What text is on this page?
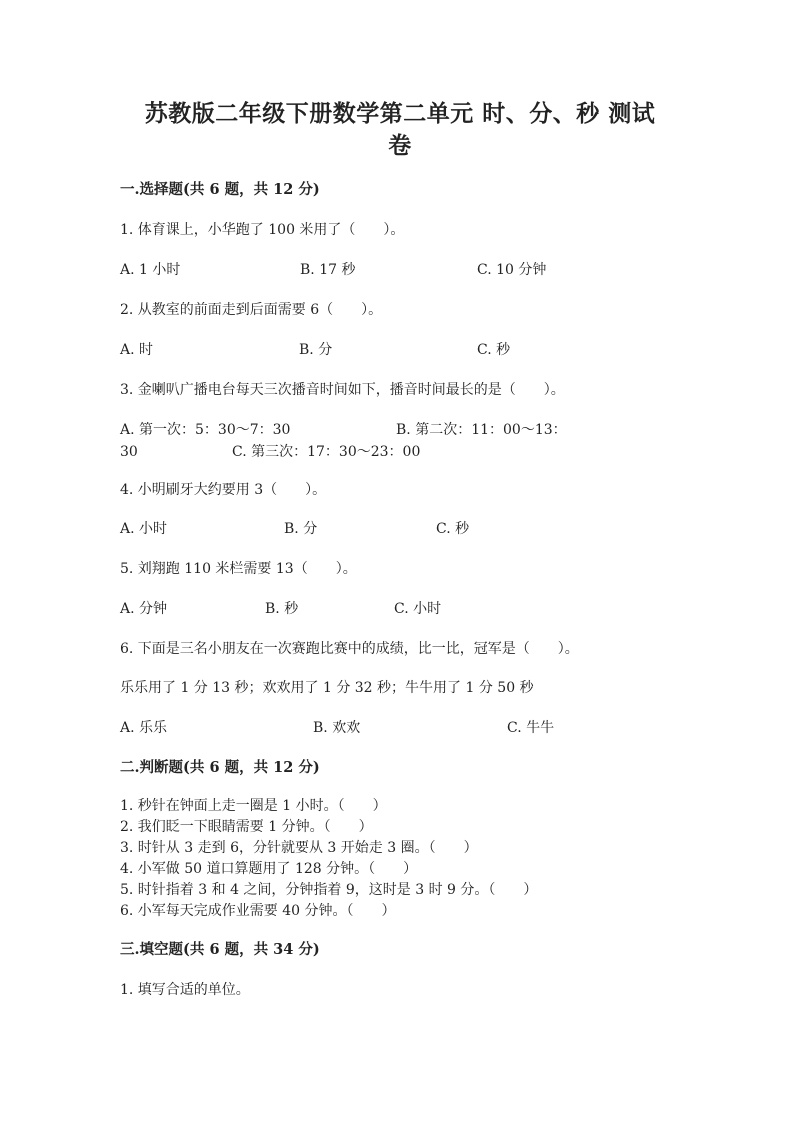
苏教版二年级下册数学第二单元 时、分、秒 测试
卷
一.选择题(共 6 题，共 12 分)
1. 体育课上，小华跑了 100 米用了（　　）。
A. 1 小时	B. 17 秒	C. 10 分钟
2. 从教室的前面走到后面需要 6（　　）。
A. 时	B. 分	C. 秒
3. 金喇叭广播电台每天三次播音时间如下，播音时间最长的是（　　）。
A. 第一次：5：30～7：30	B. 第二次：11：00～13：
30	C. 第三次：17：30～23：00
4. 小明刷牙大约要用 3（　　）。
A. 小时	B. 分	C. 秒
5. 刘翔跑 110 米栏需要 13（　　）。
A. 分钟	B. 秒	C. 小时
6. 下面是三名小朋友在一次赛跑比赛中的成绩，比一比，冠军是（　　）。
乐乐用了 1 分 13 秒；欢欢用了 1 分 32 秒；牛牛用了 1 分 50 秒
A. 乐乐	B. 欢欢	C. 牛牛
二.判断题(共 6 题，共 12 分)
1. 秒针在钟面上走一圈是 1 小时。（　　）
2. 我们眨一下眼睛需要 1 分钟。（　　）
3. 时针从 3 走到 6，分针就要从 3 开始走 3 圈。（　　）
4. 小军做 50 道口算题用了 128 分钟。（　　）
5. 时针指着 3 和 4 之间，分钟指着 9，这时是 3 时 9 分。（　　）
6. 小军每天完成作业需要 40 分钟。（　　）
三.填空题(共 6 题，共 34 分)
1. 填写合适的单位。
